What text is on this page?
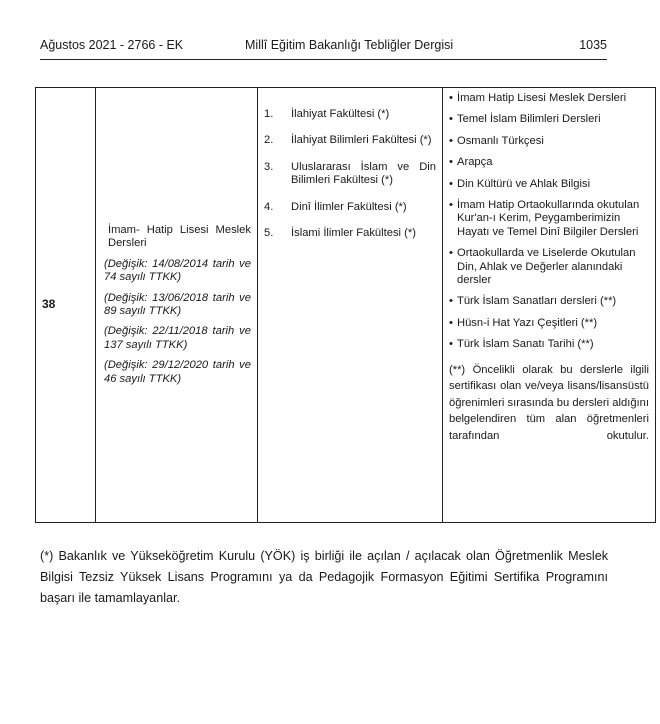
Ağustos 2021 - 2766 - EK	Millî Eğitim Bakanlığı Tebliğler Dergisi	1035
38	
İmam- Hatip Lisesi Meslek Dersleri
(Değişik: 14/08/2014 tarih ve 74 sayılı TTKK)
(Değişik: 13/06/2018 tarih ve 89 sayılı TTKK)
(Değişik: 22/11/2018 tarih ve 137 sayılı TTKK)
(Değişik: 29/12/2020 tarih ve 46 sayılı TTKK)

1.	İlahiyat Fakültesi (*)
2.	İlahiyat Bilimleri Fakültesi (*)
3.	Uluslararası İslam ve Din Bilimleri Fakültesi (*)
4.	Dinî İlimler Fakültesi (*)
5.	İslami İlimler Fakültesi (*)

• İmam Hatip Lisesi Meslek Dersleri
• Temel İslam Bilimleri Dersleri
• Osmanlı Türkçesi
• Arapça
• Din Kültürü ve Ahlak Bilgisi
• İmam Hatip Ortaokullarında okutulan Kur'an-ı Kerim, Peygamberimizin Hayatı ve Temel Dinî Bilgiler Dersleri
• Ortaokullarda ve Liselerde Okutulan Din, Ahlak ve Değerler alanındaki dersler
• Türk İslam Sanatları dersleri (**)
• Hüsn-i Hat Yazı Çeşitleri (**)
• Türk İslam Sanatı Tarihi (**)
(**) Öncelikli olarak bu derslerle ilgili sertifikası olan ve/veya lisans/lisansüstü öğrenimleri sırasında bu dersleri aldığını belgelendiren tüm alan öğretmenleri tarafından okutulur.
(*) Bakanlık ve Yükseköğretim Kurulu (YÖK) iş birliği ile açılan / açılacak olan Öğretmenlik Meslek Bilgisi Tezsiz Yüksek Lisans Programını ya da Pedagojik Formasyon Eğitimi Sertifika Programını başarı ile tamamlayanlar.
